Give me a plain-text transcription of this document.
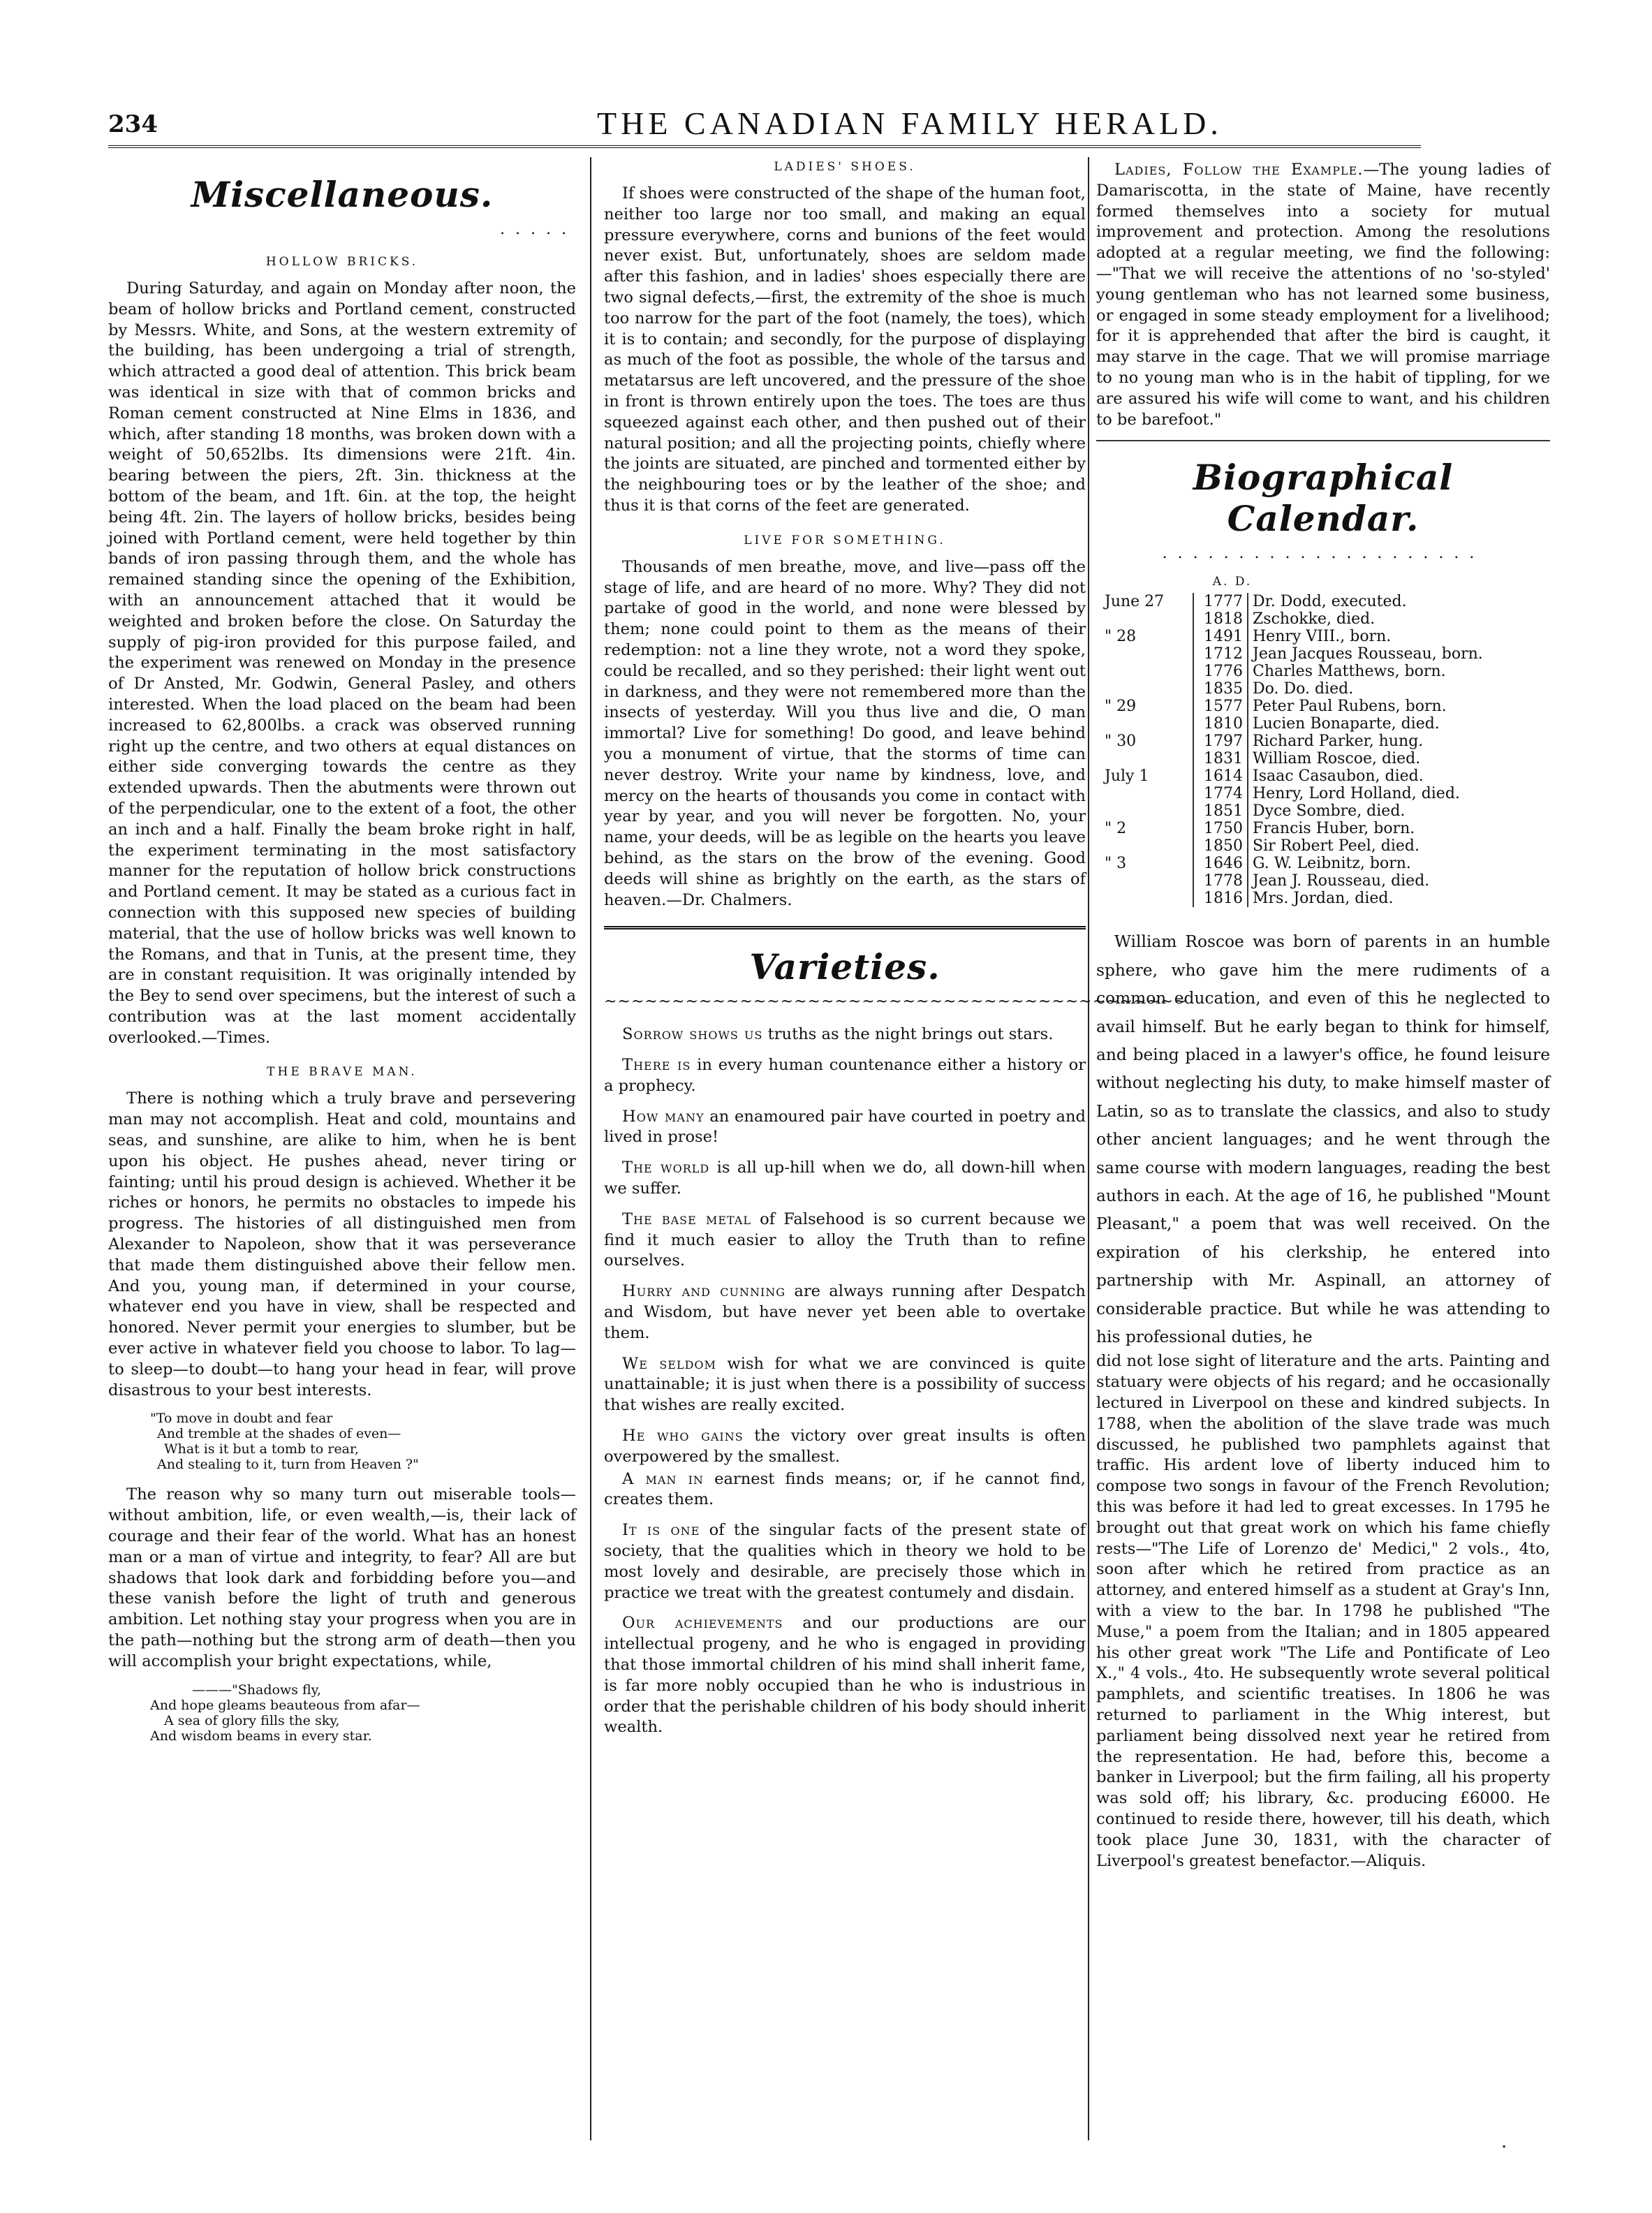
234	THE CANADIAN FAMILY HERALD.
Miscellaneous.
. . . . .
HOLLOW BRICKS.

During Saturday, and again on Monday after noon, the beam of hollow bricks and Portland cement, constructed by Messrs. White, and Sons, at the western extremity of the building, has been undergoing a trial of strength, which attracted a good deal of attention. This brick beam was identical in size with that of common bricks and Roman cement constructed at Nine Elms in 1836, and which, after standing 18 months, was broken down with a weight of 50,652lbs. Its dimensions were 21ft. 4in. bearing between the piers, 2ft. 3in. thickness at the bottom of the beam, and 1ft. 6in. at the top, the height being 4ft. 2in. The layers of hollow bricks, besides being joined with Portland cement, were held together by thin bands of iron passing through them, and the whole has remained standing since the opening of the Exhibition, with an announcement attached that it would be weighted and broken before the close. On Saturday the supply of pig-iron provided for this purpose failed, and the experiment was renewed on Monday in the presence of Dr Ansted, Mr. Godwin, General Pasley, and others interested. When the load placed on the beam had been increased to 62,800lbs. a crack was observed running right up the centre, and two others at equal distances on either side converging towards the centre as they extended upwards. Then the abutments were thrown out of the perpendicular, one to the extent of a foot, the other an inch and a half. Finally the beam broke right in half, the experiment terminating in the most satisfactory manner for the reputation of hollow brick constructions and Portland cement. It may be stated as a curious fact in connection with this supposed new species of building material, that the use of hollow bricks was well known to the Romans, and that in Tunis, at the present time, they are in constant requisition. It was originally intended by the Bey to send over specimens, but the interest of such a contribution was at the last moment accidentally overlooked.—Times.

THE BRAVE MAN.

There is nothing which a truly brave and persevering man may not accomplish. Heat and cold, mountains and seas, and sunshine, are alike to him, when he is bent upon his object. He pushes ahead, never tiring or fainting; until his proud design is achieved. Whether it be riches or honors, he permits no obstacles to impede his progress. The histories of all distinguished men from Alexander to Napoleon, show that it was perseverance that made them distinguished above their fellow men. And you, young man, if determined in your course, whatever end you have in view, shall be respected and honored. Never permit your energies to slumber, but be ever active in whatever field you choose to labor. To lag—to sleep—to doubt—to hang your head in fear, will prove disastrous to your best interests.

"To move in doubt and fear
And tremble at the shades of even—
What is it but a tomb to rear,
And stealing to it, turn from Heaven ?"

The reason why so many turn out miserable tools—without ambition, life, or even wealth,—is, their lack of courage and their fear of the world. What has an honest man or a man of virtue and integrity, to fear? All are but shadows that look dark and forbidding before you—and these vanish before the light of truth and generous ambition. Let nothing stay your progress when you are in the path—nothing but the strong arm of death—then you will accomplish your bright expectations, while,

———"Shadows fly,
And hope gleams beauteous from afar—
A sea of glory fills the sky,
And wisdom beams in every star.
LADIES' SHOES.

If shoes were constructed of the shape of the human foot, neither too large nor too small, and making an equal pressure everywhere, corns and bunions of the feet would never exist. But, unfortunately, shoes are seldom made after this fashion, and in ladies' shoes especially there are two signal defects,—first, the extremity of the shoe is much too narrow for the part of the foot (namely, the toes), which it is to contain; and secondly, for the purpose of displaying as much of the foot as possible, the whole of the tarsus and metatarsus are left uncovered, and the pressure of the shoe in front is thrown entirely upon the toes. The toes are thus squeezed against each other, and then pushed out of their natural position; and all the projecting points, chiefly where the joints are situated, are pinched and tormented either by the neighbouring toes or by the leather of the shoe; and thus it is that corns of the feet are generated.

LIVE FOR SOMETHING.

Thousands of men breathe, move, and live—pass off the stage of life, and are heard of no more. Why? They did not partake of good in the world, and none were blessed by them; none could point to them as the means of their redemption: not a line they wrote, not a word they spoke, could be recalled, and so they perished: their light went out in darkness, and they were not remembered more than the insects of yesterday. Will you thus live and die, O man immortal? Live for something! Do good, and leave behind you a monument of virtue, that the storms of time can never destroy. Write your name by kindness, love, and mercy on the hearts of thousands you come in contact with year by year, and you will never be forgotten. No, your name, your deeds, will be as legible on the hearts you leave behind, as the stars on the brow of the evening. Good deeds will shine as brightly on the earth, as the stars of heaven.—Dr. Chalmers.

Varieties.
~~~~~~~~~~~~~~~~~~~~~~~~~~~~~~~~~~~~~~~~~~~

Sorrow shows us truths as the night brings out stars.

There is in every human countenance either a history or a prophecy.

How many an enamoured pair have courted in poetry and lived in prose!

The world is all up-hill when we do, all down-hill when we suffer.

The base metal of Falsehood is so current because we find it much easier to alloy the Truth than to refine ourselves.

Hurry and cunning are always running after Despatch and Wisdom, but have never yet been able to overtake them.

We seldom wish for what we are convinced is quite unattainable; it is just when there is a possibility of success that wishes are really excited.

He who gains the victory over great insults is often overpowered by the smallest.

A man in earnest finds means; or, if he cannot find, creates them.

It is one of the singular facts of the present state of society, that the qualities which in theory we hold to be most lovely and desirable, are precisely those which in practice we treat with the greatest contumely and disdain.

Our achievements and our productions are our intellectual progeny, and he who is engaged in providing that those immortal children of his mind shall inherit fame, is far more nobly occupied than he who is industrious in order that the perishable children of his body should inherit wealth.

Ladies, Follow the Example.—The young ladies of Damariscotta, in the state of Maine, have recently formed themselves into a society for mutual improvement and protection. Among the resolutions adopted at a regular meeting, we find the following:—"That we will receive the attentions of no 'so-styled' young gentleman who has not learned some business, or engaged in some steady employment for a livelihood; for it is apprehended that after the bird is caught, it may starve in the cage. That we will promise marriage to no young man who is in the habit of tippling, for we are assured his wife will come to want, and his children to be barefoot."

Biographical Calendar.
. . . . . . . . . . . . . . . . . . . . .
A. D.
June 27	1777	Dr. Dodd, executed.
	1818	Zschokke, died.
" 28	1491	Henry VIII., born.
	1712	Jean Jacques Rousseau, born.
	1776	Charles Matthews, born.
	1835	Do. Do. died.
" 29	1577	Peter Paul Rubens, born.
	1810	Lucien Bonaparte, died.
" 30	1797	Richard Parker, hung.
	1831	William Roscoe, died.
July 1	1614	Isaac Casaubon, died.
	1774	Henry, Lord Holland, died.
	1851	Dyce Sombre, died.
" 2	1750	Francis Huber, born.
	1850	Sir Robert Peel, died.
" 3	1646	G. W. Leibnitz, born.
	1778	Jean J. Rousseau, died.
	1816	Mrs. Jordan, died.

William Roscoe was born of parents in an humble sphere, who gave him the mere rudiments of a common education, and even of this he neglected to avail himself. But he early began to think for himself, and being placed in a lawyer's office, he found leisure without neglecting his duty, to make himself master of Latin, so as to translate the classics, and also to study other ancient languages; and he went through the same course with modern languages, reading the best authors in each. At the age of 16, he published "Mount Pleasant," a poem that was well received. On the expiration of his clerkship, he entered into partnership with Mr. Aspinall, an attorney of considerable practice. But while he was attending to his professional duties, he

did not lose sight of literature and the arts. Painting and statuary were objects of his regard; and he occasionally lectured in Liverpool on these and kindred subjects. In 1788, when the abolition of the slave trade was much discussed, he published two pamphlets against that traffic. His ardent love of liberty induced him to compose two songs in favour of the French Revolution; this was before it had led to great excesses. In 1795 he brought out that great work on which his fame chiefly rests—"The Life of Lorenzo de' Medici," 2 vols., 4to, soon after which he retired from practice as an attorney, and entered himself as a student at Gray's Inn, with a view to the bar. In 1798 he published "The Muse," a poem from the Italian; and in 1805 appeared his other great work "The Life and Pontificate of Leo X.," 4 vols., 4to. He subsequently wrote several political pamphlets, and scientific treatises. In 1806 he was returned to parliament in the Whig interest, but parliament being dissolved next year he retired from the representation. He had, before this, become a banker in Liverpool; but the firm failing, all his property was sold off; his library, &c. producing £6000. He continued to reside there, however, till his death, which took place June 30, 1831, with the character of Liverpool's greatest benefactor.—Aliquis.

·
